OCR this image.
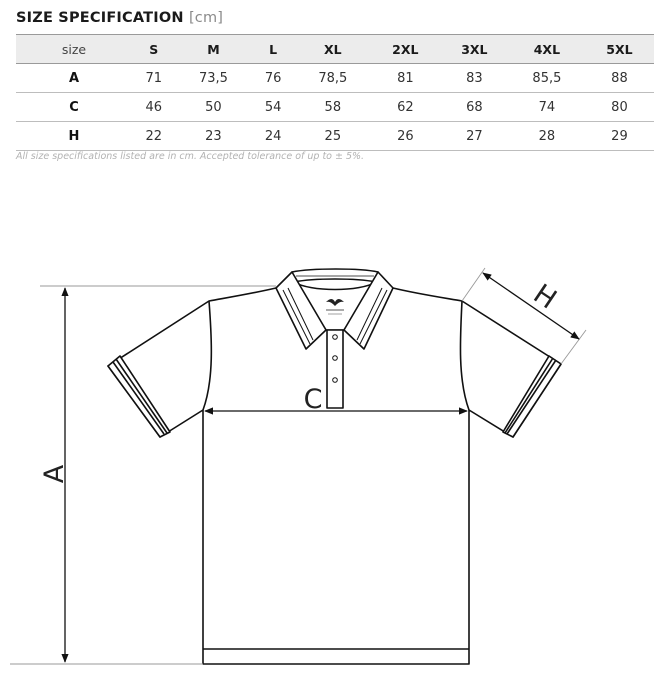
SIZE SPECIFICATION [cm]
size	S	M	L	XL	2XL	3XL	4XL	5XL
A	71	73,5	76	78,5	81	83	85,5	88
C	46	50	54	58	62	68	74	80
H	22	23	24	25	26	27	28	29
All size specifications listed are in cm. Accepted tolerance of up to ± 5%.
A
C
H
